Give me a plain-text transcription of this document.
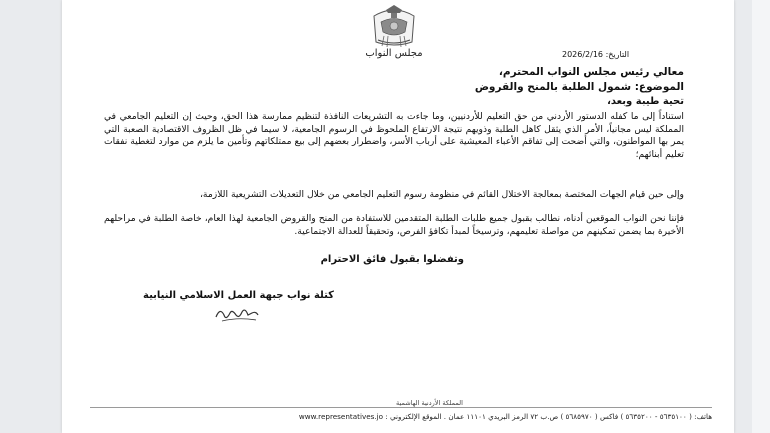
مجلس النواب	التاريخ: 2026/2/16
معالي رئيس مجلس النواب المحترم،
الموضوع: شمول الطلبة بالمنح والقروض
تحية طيبة وبعد،
استناداً إلى ما كفله الدستور الأردني من حق التعليم للأردنيين، وما جاءت به التشريعات النافذة لتنظيم ممارسة هذا الحق، وحيث إن التعليم الجامعي في المملكة ليس مجانياً، الأمر الذي يثقل كاهل الطلبة وذويهم نتيجة الارتفاع الملحوظ في الرسوم الجامعية، لا سيما في ظل الظروف الاقتصادية الصعبة التي يمر بها المواطنون، والتي أضحت إلى تفاقم الأعباء المعيشية على أرباب الأسر، واضطرار بعضهم إلى بيع ممتلكاتهم وتأمين ما يلزم من موارد لتغطية نفقات تعليم أبنائهم؛
وإلى حين قيام الجهات المختصة بمعالجة الاختلال القائم في منظومة رسوم التعليم الجامعي من خلال التعديلات التشريعية اللازمة،
فإننا نحن النواب الموقعين أدناه، نطالب بقبول جميع طلبات الطلبة المتقدمين للاستفادة من المنح والقروض الجامعية لهذا العام، خاصة الطلبة في مراحلهم الأخيرة بما يضمن تمكينهم من مواصلة تعليمهم، وترسيخاً لمبدأ تكافؤ الفرص، وتحقيقاً للعدالة الاجتماعية.
وتفضلوا بقبول فائق الاحترام
كتلة نواب جبهة العمل الاسلامي النيابية
المملكة الأردنية الهاشمية
هاتف: ( ٥٦٣٥١٠٠ - ٥٦٣٥٢٠٠ ) فاكس ( ٥٦٨٥٩٧٠ ) ص.ب ٧٢ الرمز البريدي ١١١٠١ عمان . الموقع الإلكتروني : www.representatives.jo
